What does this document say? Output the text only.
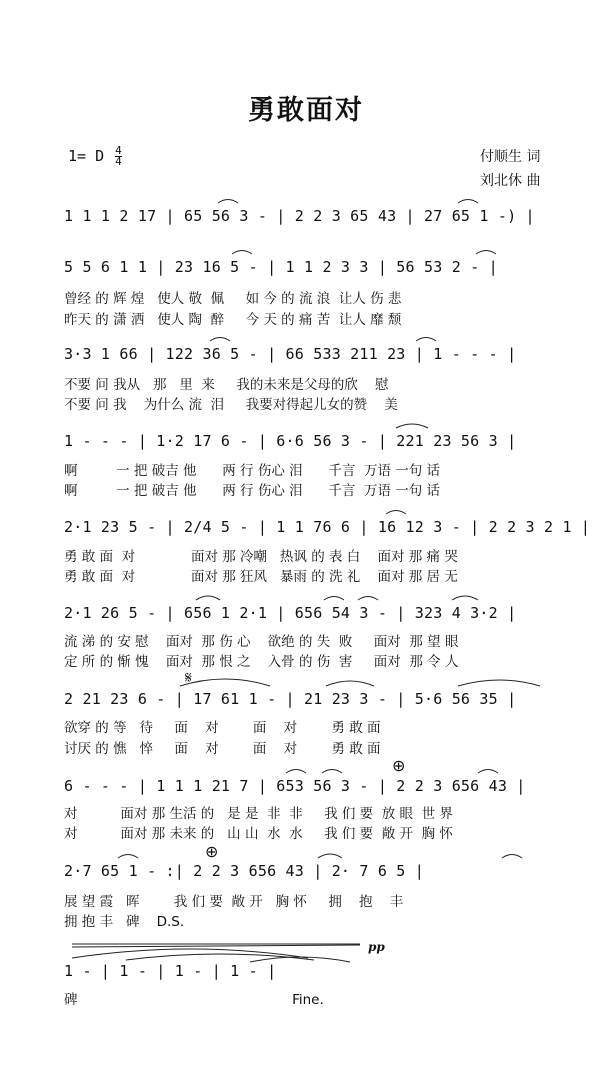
勇敢面对
1= D $\frac{4}{4}$	付顺生 词
刘北休 曲
1 1 1 2 17 | 65 56 3 - | 2 2 3 65 43 | 27 65 1 -) |
5 5 6 1 1 | 23 16 5 - | 1 1 2 3 3 | 56 53 2 - |
曾经 的 辉 煌   使人 敬  佩     如 今 的 流 浪  让人 伤 悲
昨天 的 潇 洒   使人 陶  醉     今 天 的 痛 苦  让人 靡 颓
3·3 1 66 | 122 36 5 - | 66 533 211 23 | 1 - - - |
不要 问 我从   那   里  来     我的未来是父母的欣    慰
不要 问 我    为什么 流  泪     我要对得起儿女的赞    美
1 - - - | 1·2 17 6 - | 6·6 56 3 - | 221 23 56 3 |
啊         一 把 破吉 他      两 行 伤心 泪      千言  万语 一句 话
啊         一 把 破吉 他      两 行 伤心 泪      千言  万语 一句 话
2·1 23 5 - | 2/4 5 - | 1 1 76 6 | 16 12 3 - | 2 2 3 2 1 |
勇 敢 面  对             面对 那 冷嘲   热讽 的 表 白    面对 那 痛 哭
勇 敢 面  对             面对 那 狂风   暴雨 的 洗 礼    面对 那 居 无
2·1 26 5 - | 656 1 2·1 | 656 54 3 - | 323 4 3·2 |
流 涕 的 安 慰    面对  那 伤 心    欲绝 的 失  败     面对  那 望 眼
定 所 的 惭 愧    面对  那 恨 之    入骨 的 伤  害     面对  那 令 人
𝄋
2 21 23 6 - | 17 61 1 - | 21 23 3 - | 5·6 56 35 |
欲穿 的 等   待     面    对        面    对        勇 敢 面
讨厌 的 憔   悴     面    对        面    对        勇 敢 面
⊕
6 - - - | 1 1 1 21 7 | 653 56 3 - | 2 2 3 656 43 |
对          面对 那 生活 的   是 是  非  非     我 们 要  放 眼  世 界
对          面对 那 未来 的   山 山  水  水     我 们 要  敞 开  胸 怀
⊕
2·7 65 1 - :| 2 2 3 656 43 | 2· 7 6 5 |
展 望 霞   晖        我 们 要  敞 开   胸 怀     拥    抱    丰
拥 抱 丰   碑    D.S.
pp
1 - | 1 - | 1 - | 1 - |
碑                                                  Fine.
